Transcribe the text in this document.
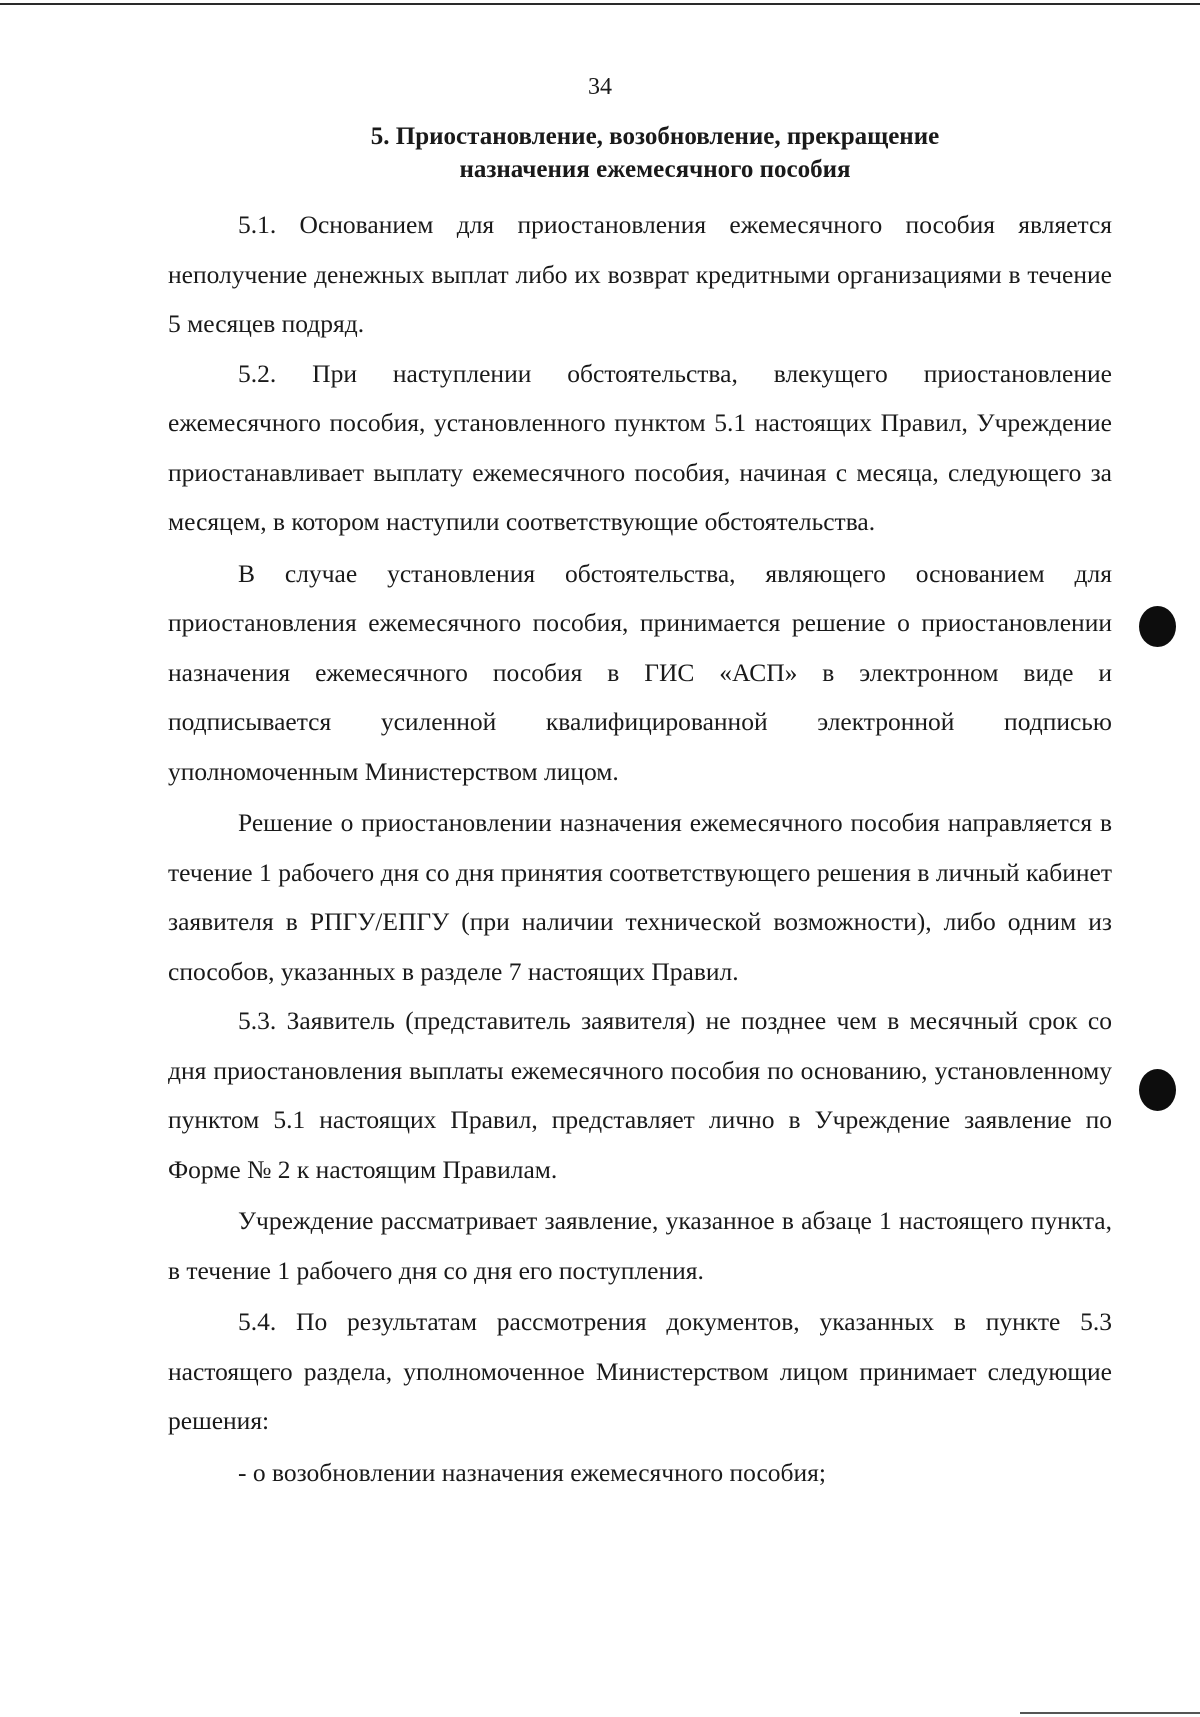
34
5. Приостановление, возобновление, прекращение
назначения ежемесячного пособия

5.1. Основанием для приостановления ежемесячного пособия является неполучение денежных выплат либо их возврат кредитными организациями в течение 5 месяцев подряд.

5.2. При наступлении обстоятельства, влекущего приостановление ежемесячного пособия, установленного пунктом 5.1 настоящих Правил, Учреждение приостанавливает выплату ежемесячного пособия, начиная с месяца, следующего за месяцем, в котором наступили соответствующие обстоятельства.

В случае установления обстоятельства, являющего основанием для приостановления ежемесячного пособия, принимается решение о приостановлении назначения ежемесячного пособия в ГИС «АСП» в электронном виде и подписывается усиленной квалифицированной электронной подписью уполномоченным Министерством лицом.

Решение о приостановлении назначения ежемесячного пособия направляется в течение 1 рабочего дня со дня принятия соответствующего решения в личный кабинет заявителя в РПГУ/ЕПГУ (при наличии технической возможности), либо одним из способов, указанных в разделе 7 настоящих Правил.

5.3. Заявитель (представитель заявителя) не позднее чем в месячный срок со дня приостановления выплаты ежемесячного пособия по основанию, установленному пунктом 5.1 настоящих Правил, представляет лично в Учреждение заявление по Форме № 2 к настоящим Правилам.

Учреждение рассматривает заявление, указанное в абзаце 1 настоящего пункта, в течение 1 рабочего дня со дня его поступления.

5.4. По результатам рассмотрения документов, указанных в пункте 5.3 настоящего раздела, уполномоченное Министерством лицом принимает следующие решения:

- о возобновлении назначения ежемесячного пособия;
